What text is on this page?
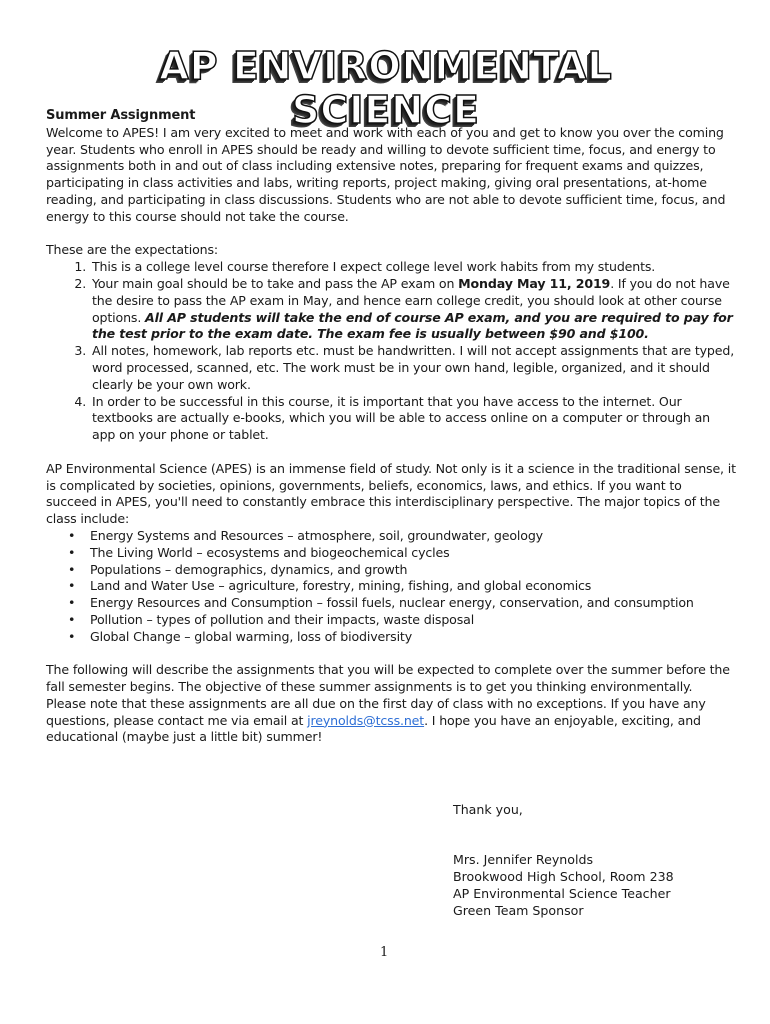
AP ENVIRONMENTAL SCIENCE

Summer Assignment

Welcome to APES! I am very excited to meet and work with each of you and get to know you over the coming year. Students who enroll in APES should be ready and willing to devote sufficient time, focus, and energy to assignments both in and out of class including extensive notes, preparing for frequent exams and quizzes, participating in class activities and labs, writing reports, project making, giving oral presentations, at-home reading, and participating in class discussions. Students who are not able to devote sufficient time, focus, and energy to this course should not take the course.

These are the expectations:

1. This is a college level course therefore I expect college level work habits from my students.
2. Your main goal should be to take and pass the AP exam on Monday May 11, 2019. If you do not have the desire to pass the AP exam in May, and hence earn college credit, you should look at other course options. All AP students will take the end of course AP exam, and you are required to pay for the test prior to the exam date. The exam fee is usually between $90 and $100.
3. All notes, homework, lab reports etc. must be handwritten. I will not accept assignments that are typed, word processed, scanned, etc. The work must be in your own hand, legible, organized, and it should clearly be your own work.
4. In order to be successful in this course, it is important that you have access to the internet. Our textbooks are actually e-books, which you will be able to access online on a computer or through an app on your phone or tablet.

AP Environmental Science (APES) is an immense field of study. Not only is it a science in the traditional sense, it is complicated by societies, opinions, governments, beliefs, economics, laws, and ethics. If you want to succeed in APES, you'll need to constantly embrace this interdisciplinary perspective. The major topics of the class include:

• Energy Systems and Resources – atmosphere, soil, groundwater, geology
• The Living World – ecosystems and biogeochemical cycles
• Populations – demographics, dynamics, and growth
• Land and Water Use – agriculture, forestry, mining, fishing, and global economics
• Energy Resources and Consumption – fossil fuels, nuclear energy, conservation, and consumption
• Pollution – types of pollution and their impacts, waste disposal
• Global Change – global warming, loss of biodiversity

The following will describe the assignments that you will be expected to complete over the summer before the fall semester begins. The objective of these summer assignments is to get you thinking environmentally. Please note that these assignments are all due on the first day of class with no exceptions. If you have any questions, please contact me via email at jreynolds@tcss.net. I hope you have an enjoyable, exciting, and educational (maybe just a little bit) summer!

Thank you,
Mrs. Jennifer Reynolds
Brookwood High School, Room 238
AP Environmental Science Teacher
Green Team Sponsor
1
